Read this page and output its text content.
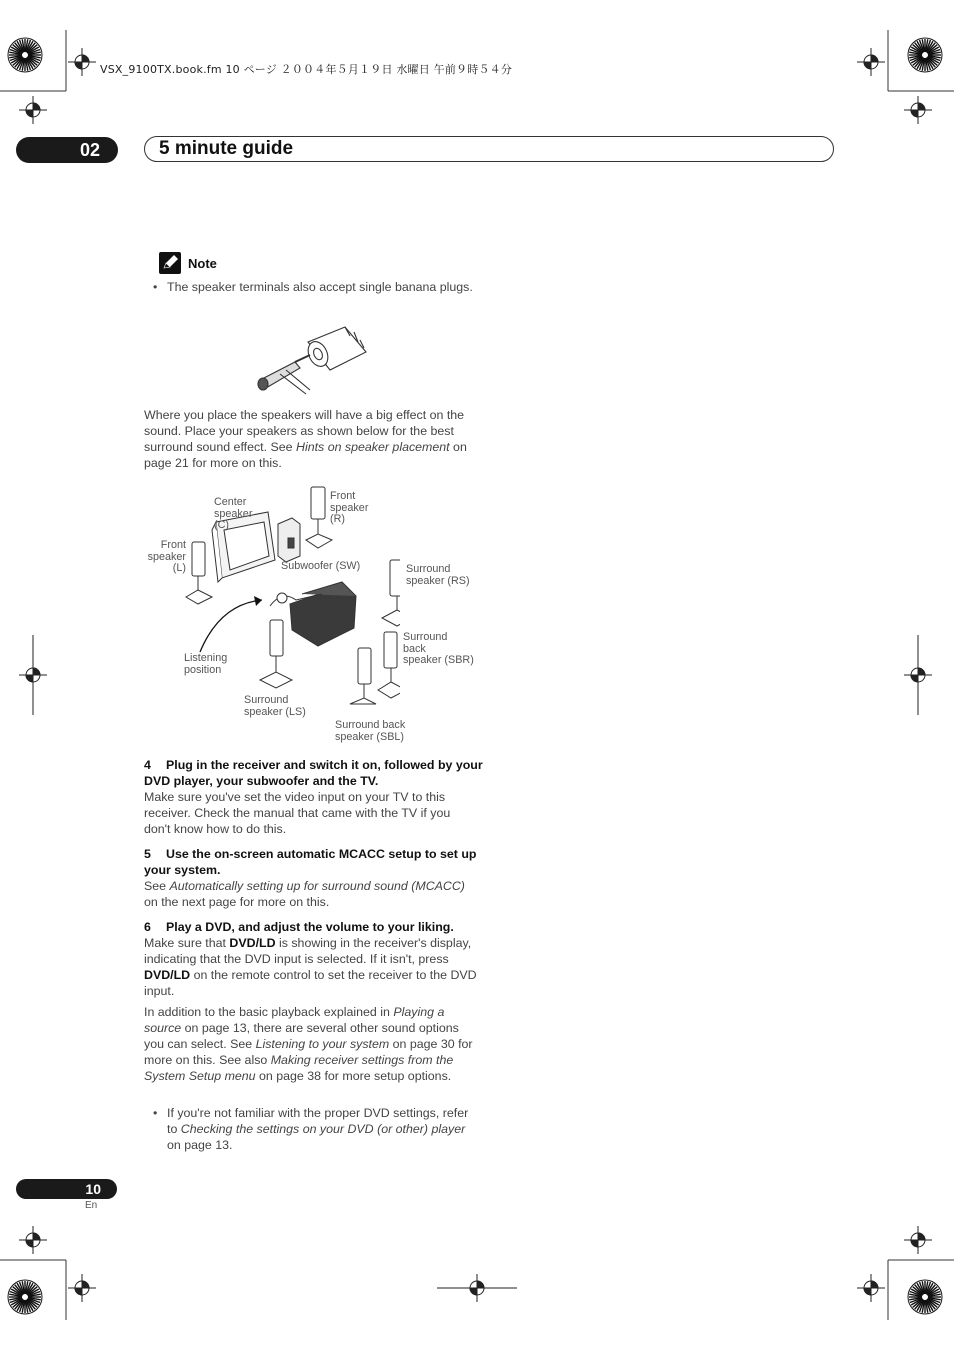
VSX_9100TX.book.fm 10 ページ ２００４年５月１９日 水曜日 午前９時５４分
02	5 minute guide
Note
• The speaker terminals also accept single banana plugs.
Where you place the speakers will have a big effect on the sound. Place your speakers as shown below for the best surround sound effect. See Hints on speaker placement on page 21 for more on this.
Center
speaker
(C)
Front
speaker
(R)
Front
speaker
(L)	Subwoofer (SW)	Surround
speaker (RS)
Surround
back
speaker (SBR)
Listening
position
Surround
speaker (LS)
Surround back
speaker (SBL)
4 Plug in the receiver and switch it on, followed by your DVD player, your subwoofer and the TV.
Make sure you've set the video input on your TV to this receiver. Check the manual that came with the TV if you don't know how to do this.
5 Use the on-screen automatic MCACC setup to set up your system.
See Automatically setting up for surround sound (MCACC) on the next page for more on this.
6 Play a DVD, and adjust the volume to your liking.
Make sure that DVD/LD is showing in the receiver's display, indicating that the DVD input is selected. If it isn't, press DVD/LD on the remote control to set the receiver to the DVD input.
In addition to the basic playback explained in Playing a source on page 13, there are several other sound options you can select. See Listening to your system on page 30 for more on this. See also Making receiver settings from the System Setup menu on page 38 for more setup options.
• If you're not familiar with the proper DVD settings, refer to Checking the settings on your DVD (or other) player on page 13.
10
En
